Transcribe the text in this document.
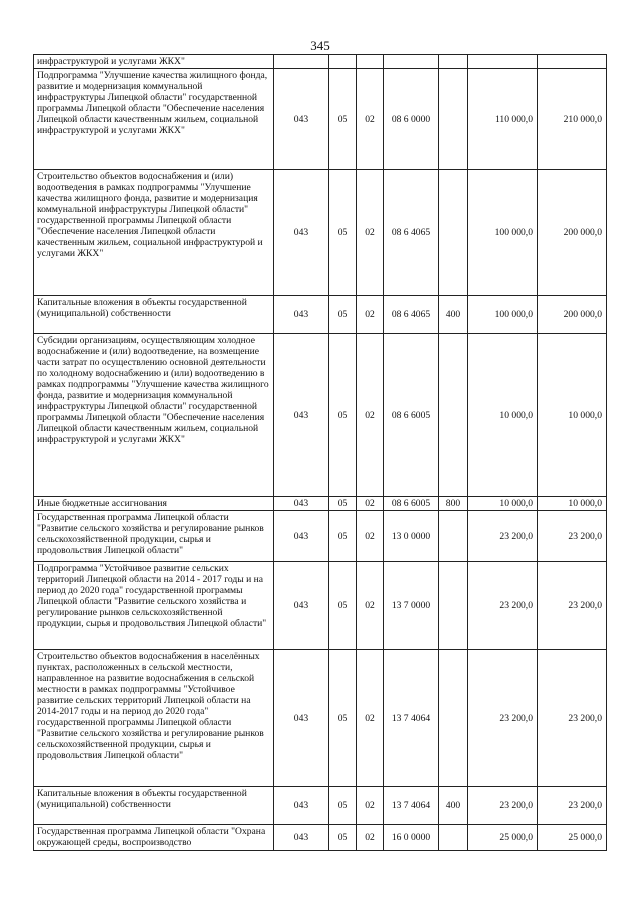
345
инфраструктурой и услугами ЖКХ"							
Подпрограмма "Улучшение качества жилищного фонда, развитие и модернизация коммунальной инфраструктуры Липецкой области" государственной программы Липецкой области "Обеспечение населения Липецкой области качественным жильем, социальной инфраструктурой и услугами ЖКХ"	043	05	02	08 6 0000		110 000,0	210 000,0
Строительство объектов водоснабжения и (или) водоотведения в рамках подпрограммы "Улучшение качества жилищного фонда, развитие и модернизация коммунальной инфраструктуры Липецкой области" государственной программы Липецкой области "Обеспечение населения Липецкой области качественным жильем, социальной инфраструктурой и услугами ЖКХ"	043	05	02	08 6 4065		100 000,0	200 000,0
Капитальные вложения в объекты государственной (муниципальной) собственности	043	05	02	08 6 4065	400	100 000,0	200 000,0
Субсидии организациям, осуществляющим холодное водоснабжение и (или) водоотведение, на возмещение части затрат по осуществлению основной деятельности по холодному водоснабжению и (или) водоотведению в рамках подпрограммы "Улучшение качества жилищного фонда, развитие и модернизация коммунальной инфраструктуры Липецкой области" государственной программы Липецкой области "Обеспечение населения Липецкой области качественным жильем, социальной инфраструктурой и услугами ЖКХ"	043	05	02	08 6 6005		10 000,0	10 000,0
Иные бюджетные ассигнования	043	05	02	08 6 6005	800	10 000,0	10 000,0
Государственная программа Липецкой области "Развитие сельского хозяйства и регулирование рынков сельскохозяйственной продукции, сырья и продовольствия Липецкой области"	043	05	02	13 0 0000		23 200,0	23 200,0
Подпрограмма "Устойчивое развитие сельских территорий Липецкой области на 2014 - 2017 годы и на период до 2020 года" государственной программы Липецкой области "Развитие сельского хозяйства и регулирование рынков сельскохозяйственной продукции, сырья и продовольствия Липецкой области"	043	05	02	13 7 0000		23 200,0	23 200,0
Строительство объектов водоснабжения в населённых пунктах, расположенных в сельской местности, направленное на развитие водоснабжения в сельской местности в рамках подпрограммы "Устойчивое развитие сельских территорий Липецкой области на 2014-2017 годы и на период до 2020 года" государственной программы Липецкой области "Развитие сельского хозяйства и регулирование рынков сельскохозяйственной продукции, сырья и продовольствия Липецкой области"	043	05	02	13 7 4064		23 200,0	23 200,0
Капитальные вложения в объекты государственной (муниципальной) собственности	043	05	02	13 7 4064	400	23 200,0	23 200,0
Государственная программа Липецкой области "Охрана окружающей среды, воспроизводство	043	05	02	16 0 0000		25 000,0	25 000,0
